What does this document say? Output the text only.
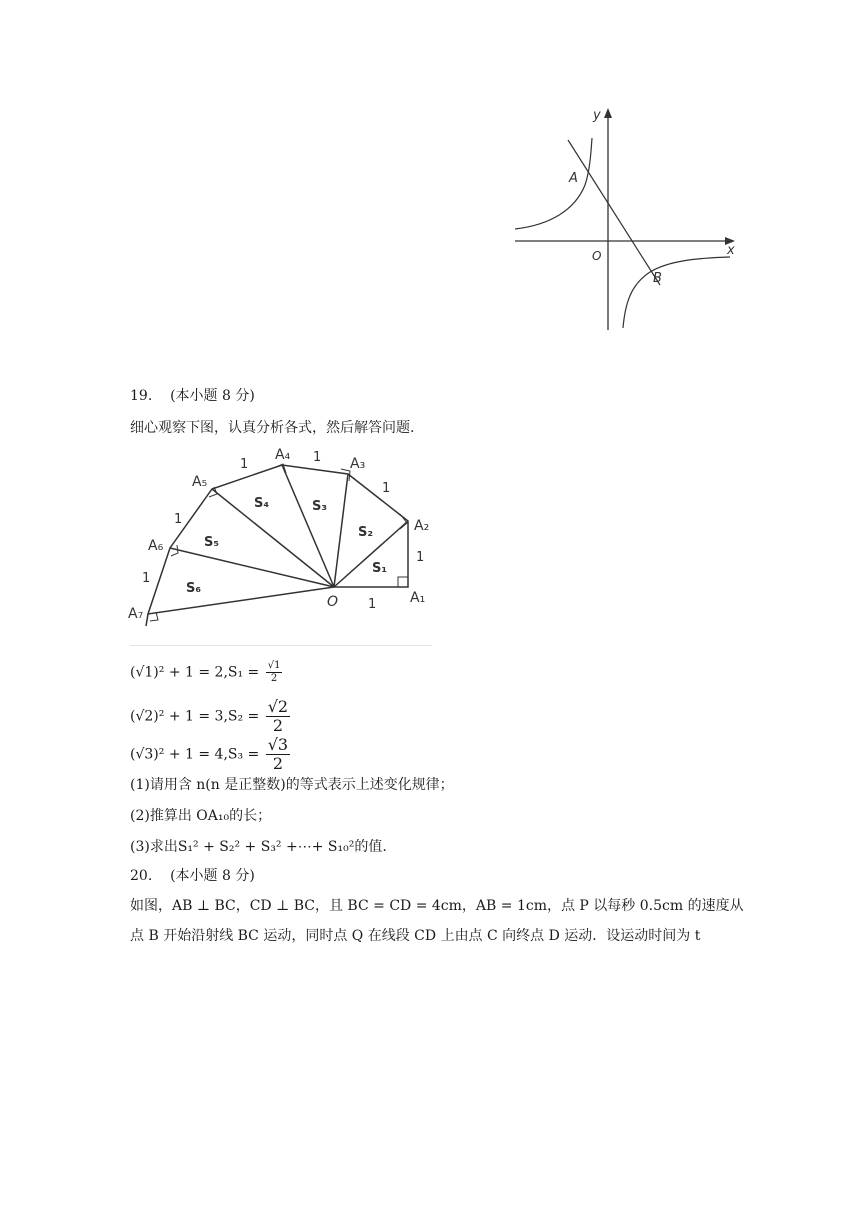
y
x
O
A
B
19. (本小题 8 分)
细心观察下图，认真分析各式，然后解答问题.
A₁
A₂
A₃
A₄
A₅
A₆
A₇
1
1
1
1
1
1
1
S₁
S₂
S₃
S₄
S₅
S₆
O
$(√1)^2 + 1 = 2,S_1 = \frac{√1}{2}$
$(√2)^2 + 1 = 3,S_2 = \frac{√2}{2}$
$(√3)^2 + 1 = 4,S_3 = \frac{√3}{2}$
(1)请用含 n(n 是正整数)的等式表示上述变化规律；
(2)推算出 OA₁₀的长；
(3)求出S₁² + S₂² + S₃² +⋯+ S₁₀²的值.
20. (本小题 8 分)
如图，AB ⊥ BC，CD ⊥ BC，且 BC = CD = 4cm，AB = 1cm，点 P 以每秒 0.5cm 的速度从
点 B 开始沿射线 BC 运动，同时点 Q 在线段 CD 上由点 C 向终点 D 运动．设运动时间为 t
